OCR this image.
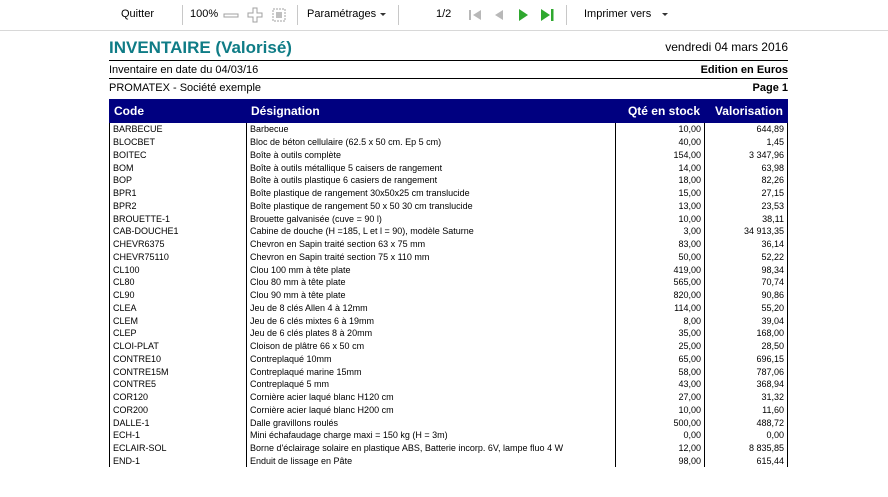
Quitter	100%	Paramétrages	1/2	Imprimer vers
INVENTAIRE (Valorisé)	vendredi 04 mars 2016
Inventaire en date du 04/03/16	Edition en Euros
PROMATEX - Société exemple	Page 1
Code	Désignation	Qté en stock	Valorisation
BARBECUE	Barbecue	10,00	644,89
BLOCBET	Bloc de béton cellulaire (62.5 x 50 cm. Ep 5 cm)	40,00	1,45
BOITEC	Boîte à outils complète	154,00	3 347,96
BOM	Boîte à outils métallique 5 caisers de rangement	14,00	63,98
BOP	Boîte à outils plastique 6 casiers de rangement	18,00	82,26
BPR1	Boîte plastique de rangement 30x50x25 cm translucide	15,00	27,15
BPR2	Boîte plastique de rangement 50 x 50 30 cm translucide	13,00	23,53
BROUETTE-1	Brouette galvanisée (cuve = 90 l)	10,00	38,11
CAB-DOUCHE1	Cabine de douche (H =185, L et l = 90), modèle Saturne	3,00	34 913,35
CHEVR6375	Chevron en Sapin traité section 63 x 75 mm	83,00	36,14
CHEVR75110	Chevron en Sapin traité section 75 x 110 mm	50,00	52,22
CL100	Clou 100 mm à tête plate	419,00	98,34
CL80	Clou 80 mm à tête plate	565,00	70,74
CL90	Clou 90 mm à tête plate	820,00	90,86
CLEA	Jeu de 8 clés Allen 4 à 12mm	114,00	55,20
CLEM	Jeu de 6 clés mixtes 6 à 19mm	8,00	39,04
CLEP	Jeu de 6 clés plates 8 à 20mm	35,00	168,00
CLOI-PLAT	Cloison de plâtre 66 x 50 cm	25,00	28,50
CONTRE10	Contreplaqué 10mm	65,00	696,15
CONTRE15M	Contreplaqué marine 15mm	58,00	787,06
CONTRE5	Contreplaqué 5 mm	43,00	368,94
COR120	Cornière acier laqué blanc H120 cm	27,00	31,32
COR200	Cornière acier laqué blanc H200 cm	10,00	11,60
DALLE-1	Dalle gravillons roulés	500,00	488,72
ECH-1	Mini échafaudage charge maxi = 150 kg (H = 3m)	0,00	0,00
ECLAIR-SOL	Borne d'éclairage solaire en plastique ABS, Batterie incorp. 6V, lampe fluo 4 W	12,00	8 835,85
END-1	Enduit de lissage en Pâte	98,00	615,44
